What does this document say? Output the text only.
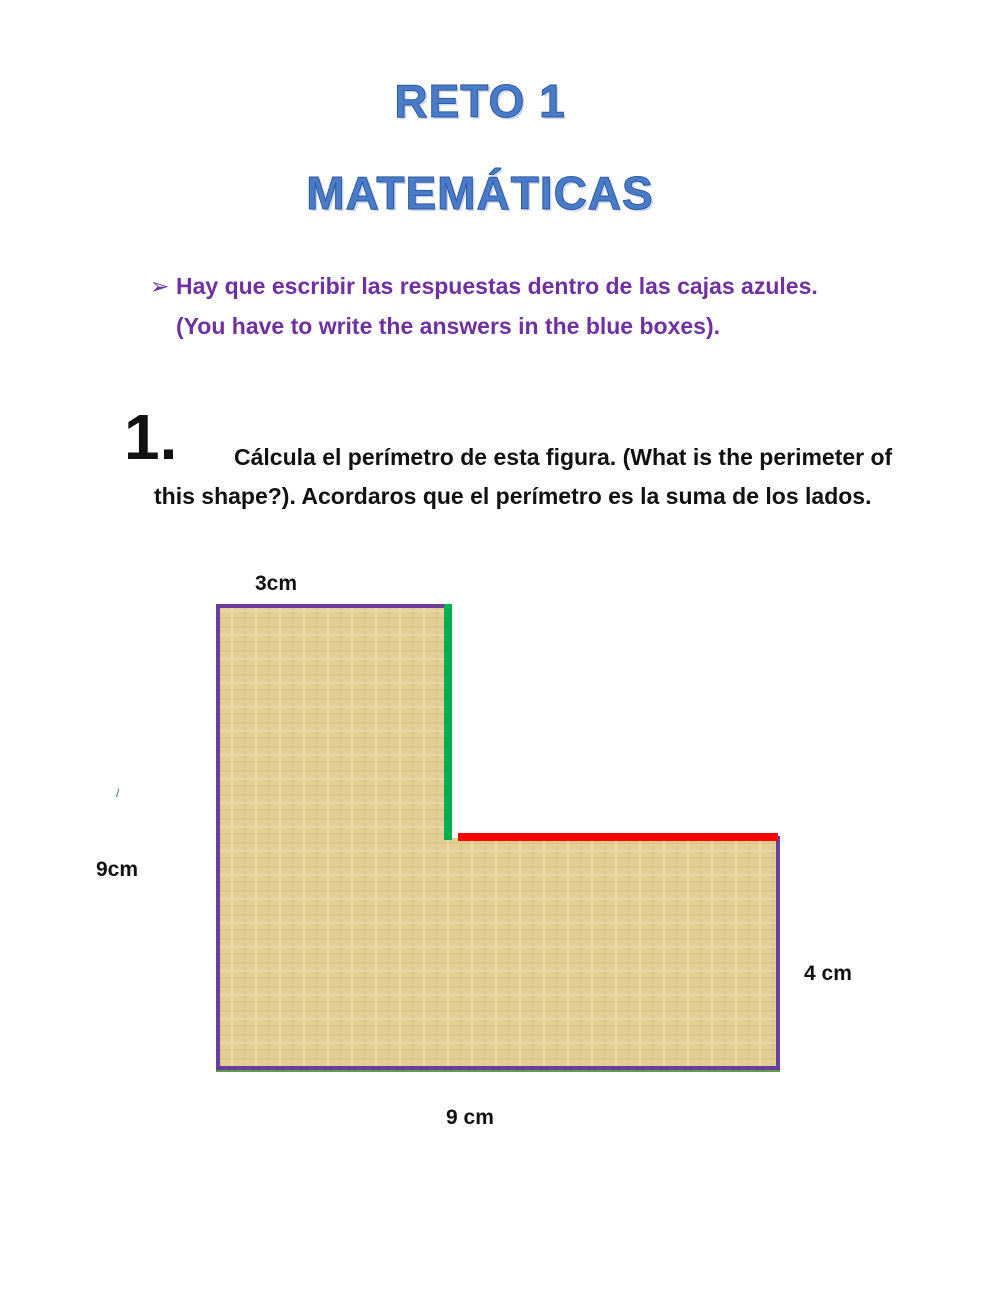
RETO 1
MATEMÁTICAS
➢ Hay que escribir las respuestas dentro de las cajas azules.
(You have to write the answers in the blue boxes).
1.	Cálcula el perímetro de esta figura. (What is the perimeter of this shape?). Acordaros que el perímetro es la suma de los lados.
/
3cm
9cm
4 cm
9 cm
